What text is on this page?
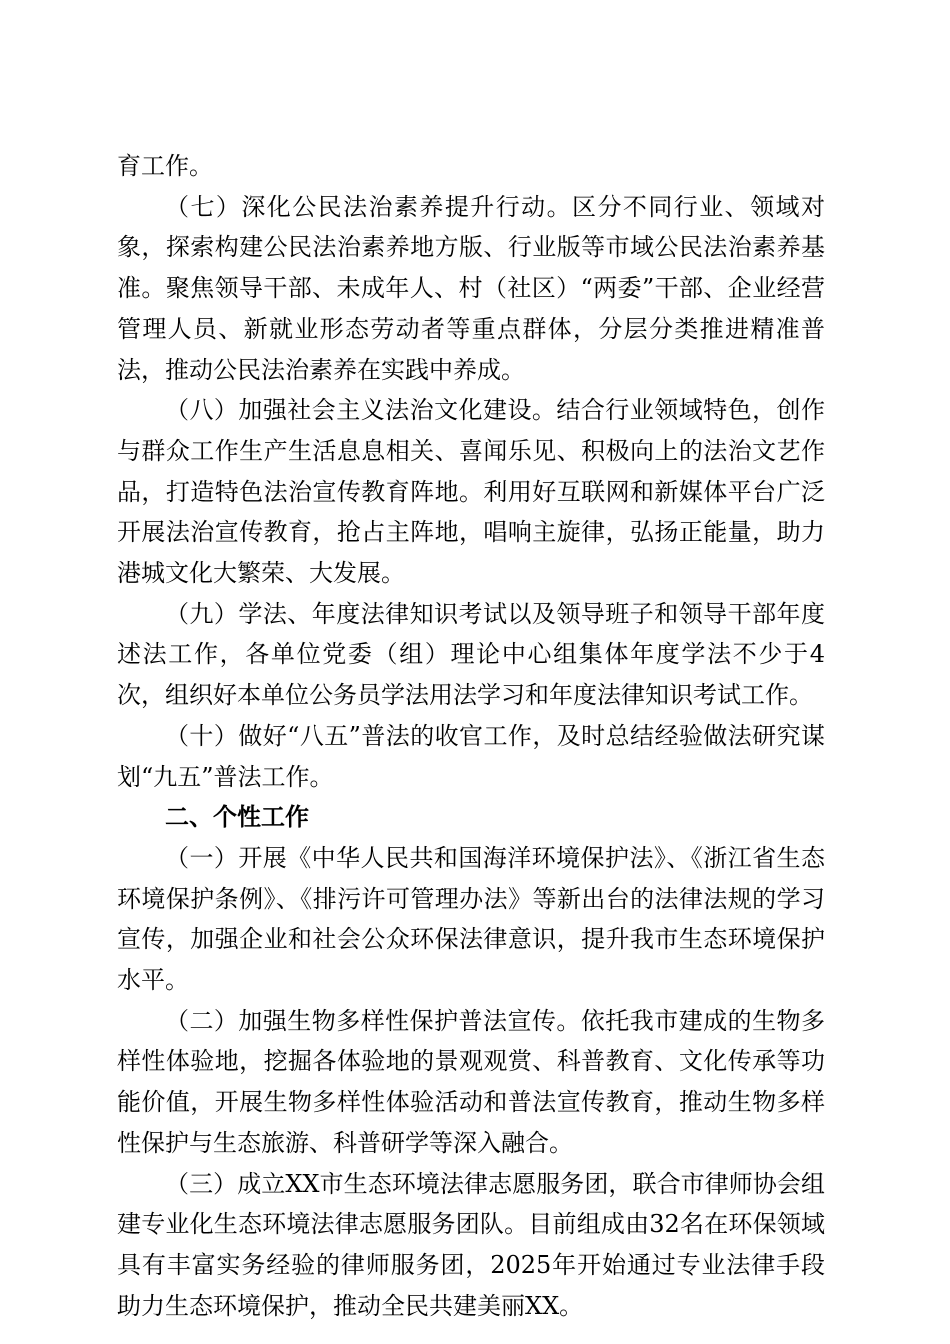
育工作。

（七）深化公民法治素养提升行动。区分不同行业、领域对象，探索构建公民法治素养地方版、行业版等市域公民法治素养基准。聚焦领导干部、未成年人、村（社区）“两委”干部、企业经营管理人员、新就业形态劳动者等重点群体，分层分类推进精准普法，推动公民法治素养在实践中养成。

（八）加强社会主义法治文化建设。结合行业领域特色，创作与群众工作生产生活息息相关、喜闻乐见、积极向上的法治文艺作品，打造特色法治宣传教育阵地。利用好互联网和新媒体平台广泛开展法治宣传教育，抢占主阵地，唱响主旋律，弘扬正能量，助力港城文化大繁荣、大发展。

（九）学法、年度法律知识考试以及领导班子和领导干部年度述法工作，各单位党委（组）理论中心组集体年度学法不少于4次，组织好本单位公务员学法用法学习和年度法律知识考试工作。

（十）做好“八五”普法的收官工作，及时总结经验做法研究谋划“九五”普法工作。

二、个性工作

（一）开展《中华人民共和国海洋环境保护法》、《浙江省生态环境保护条例》、《排污许可管理办法》等新出台的法律法规的学习宣传，加强企业和社会公众环保法律意识，提升我市生态环境保护水平。

（二）加强生物多样性保护普法宣传。依托我市建成的生物多样性体验地，挖掘各体验地的景观观赏、科普教育、文化传承等功能价值，开展生物多样性体验活动和普法宣传教育，推动生物多样性保护与生态旅游、科普研学等深入融合。

（三）成立XX市生态环境法律志愿服务团，联合市律师协会组建专业化生态环境法律志愿服务团队。目前组成由32名在环保领域具有丰富实务经验的律师服务团，2025年开始通过专业法律手段助力生态环境保护，推动全民共建美丽XX。
